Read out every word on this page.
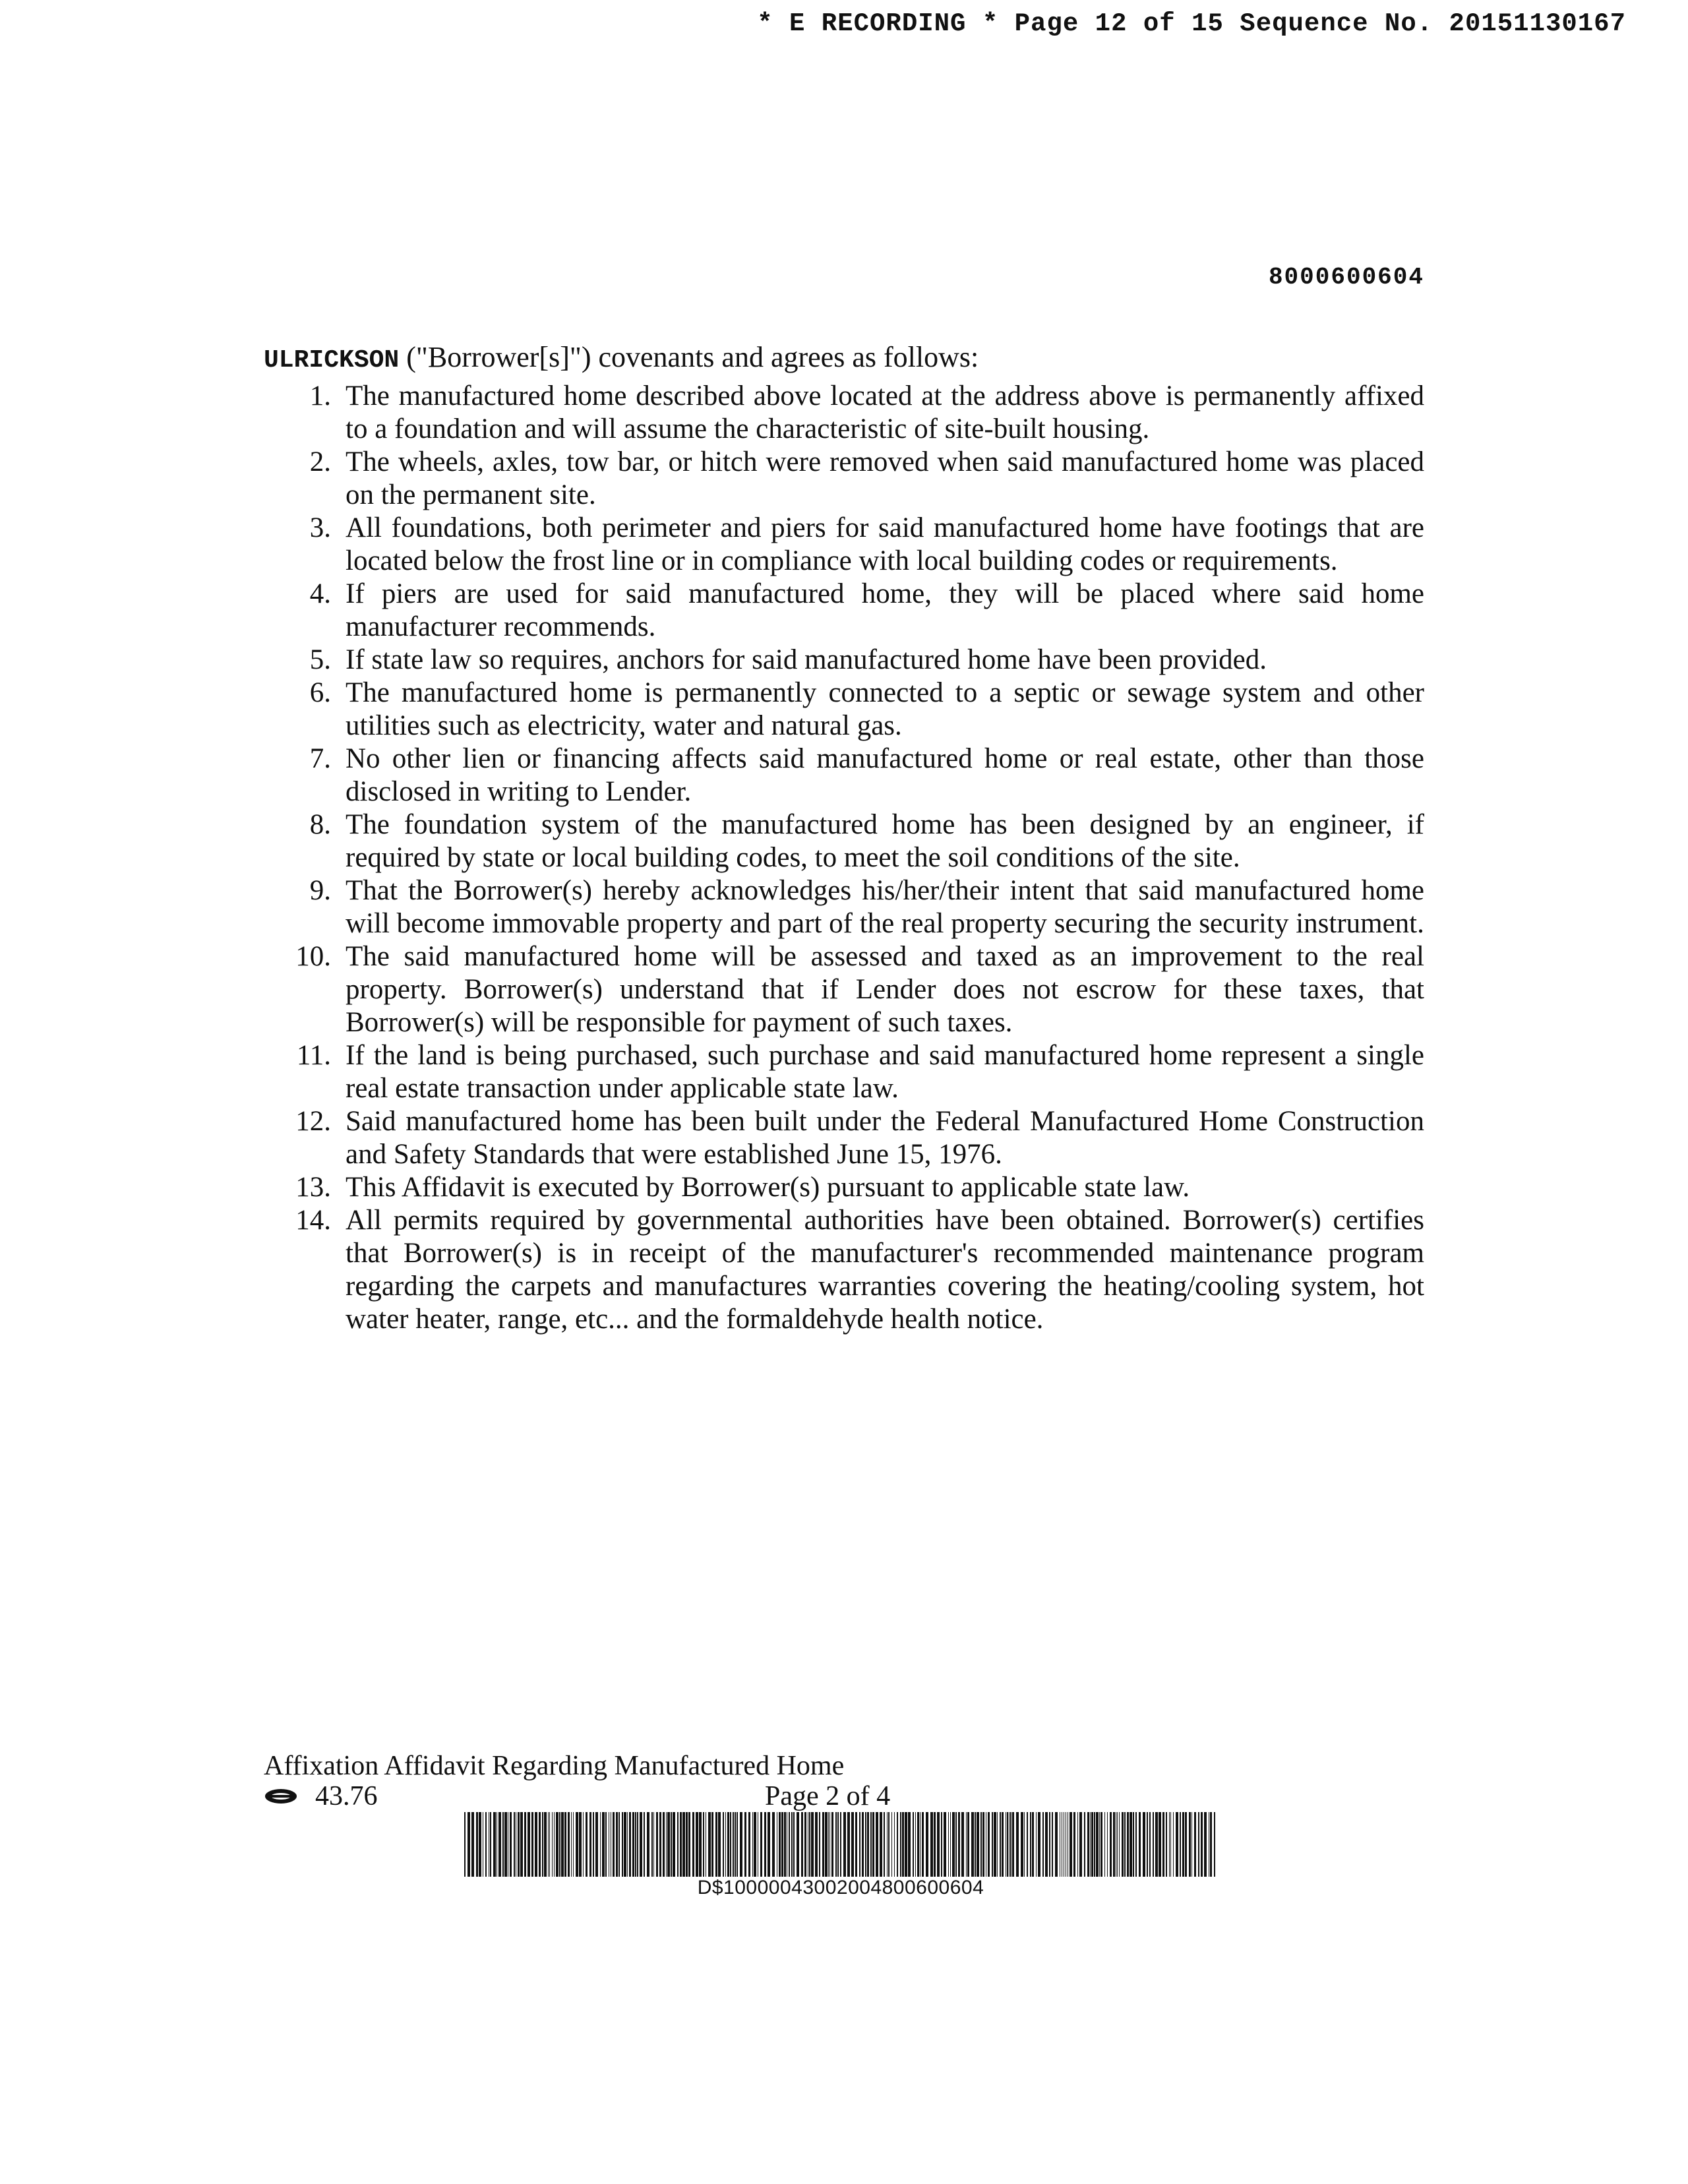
* E RECORDING * Page 12 of 15 Sequence No. 20151130167
8000600604
ULRICKSON ("Borrower[s]") covenants and agrees as follows:
1. The manufactured home described above located at the address above is permanently affixed to a foundation and will assume the characteristic of site-built housing.
2. The wheels, axles, tow bar, or hitch were removed when said manufactured home was placed on the permanent site.
3. All foundations, both perimeter and piers for said manufactured home have footings that are located below the frost line or in compliance with local building codes or requirements.
4. If piers are used for said manufactured home, they will be placed where said home manufacturer recommends.
5. If state law so requires, anchors for said manufactured home have been provided.
6. The manufactured home is permanently connected to a septic or sewage system and other utilities such as electricity, water and natural gas.
7. No other lien or financing affects said manufactured home or real estate, other than those disclosed in writing to Lender.
8. The foundation system of the manufactured home has been designed by an engineer, if required by state or local building codes, to meet the soil conditions of the site.
9. That the Borrower(s) hereby acknowledges his/her/their intent that said manufactured home will become immovable property and part of the real property securing the security instrument.
10. The said manufactured home will be assessed and taxed as an improvement to the real property. Borrower(s) understand that if Lender does not escrow for these taxes, that Borrower(s) will be responsible for payment of such taxes.
11. If the land is being purchased, such purchase and said manufactured home represent a single real estate transaction under applicable state law.
12. Said manufactured home has been built under the Federal Manufactured Home Construction and Safety Standards that were established June 15, 1976.
13. This Affidavit is executed by Borrower(s) pursuant to applicable state law.
14. All permits required by governmental authorities have been obtained. Borrower(s) certifies that Borrower(s) is in receipt of the manufacturer's recommended maintenance program regarding the carpets and manufactures warranties covering the heating/cooling system, hot water heater, range, etc... and the formaldehyde health notice.
Affixation Affidavit Regarding Manufactured Home
43.76	Page 2 of 4
D$10000043002004800600604
